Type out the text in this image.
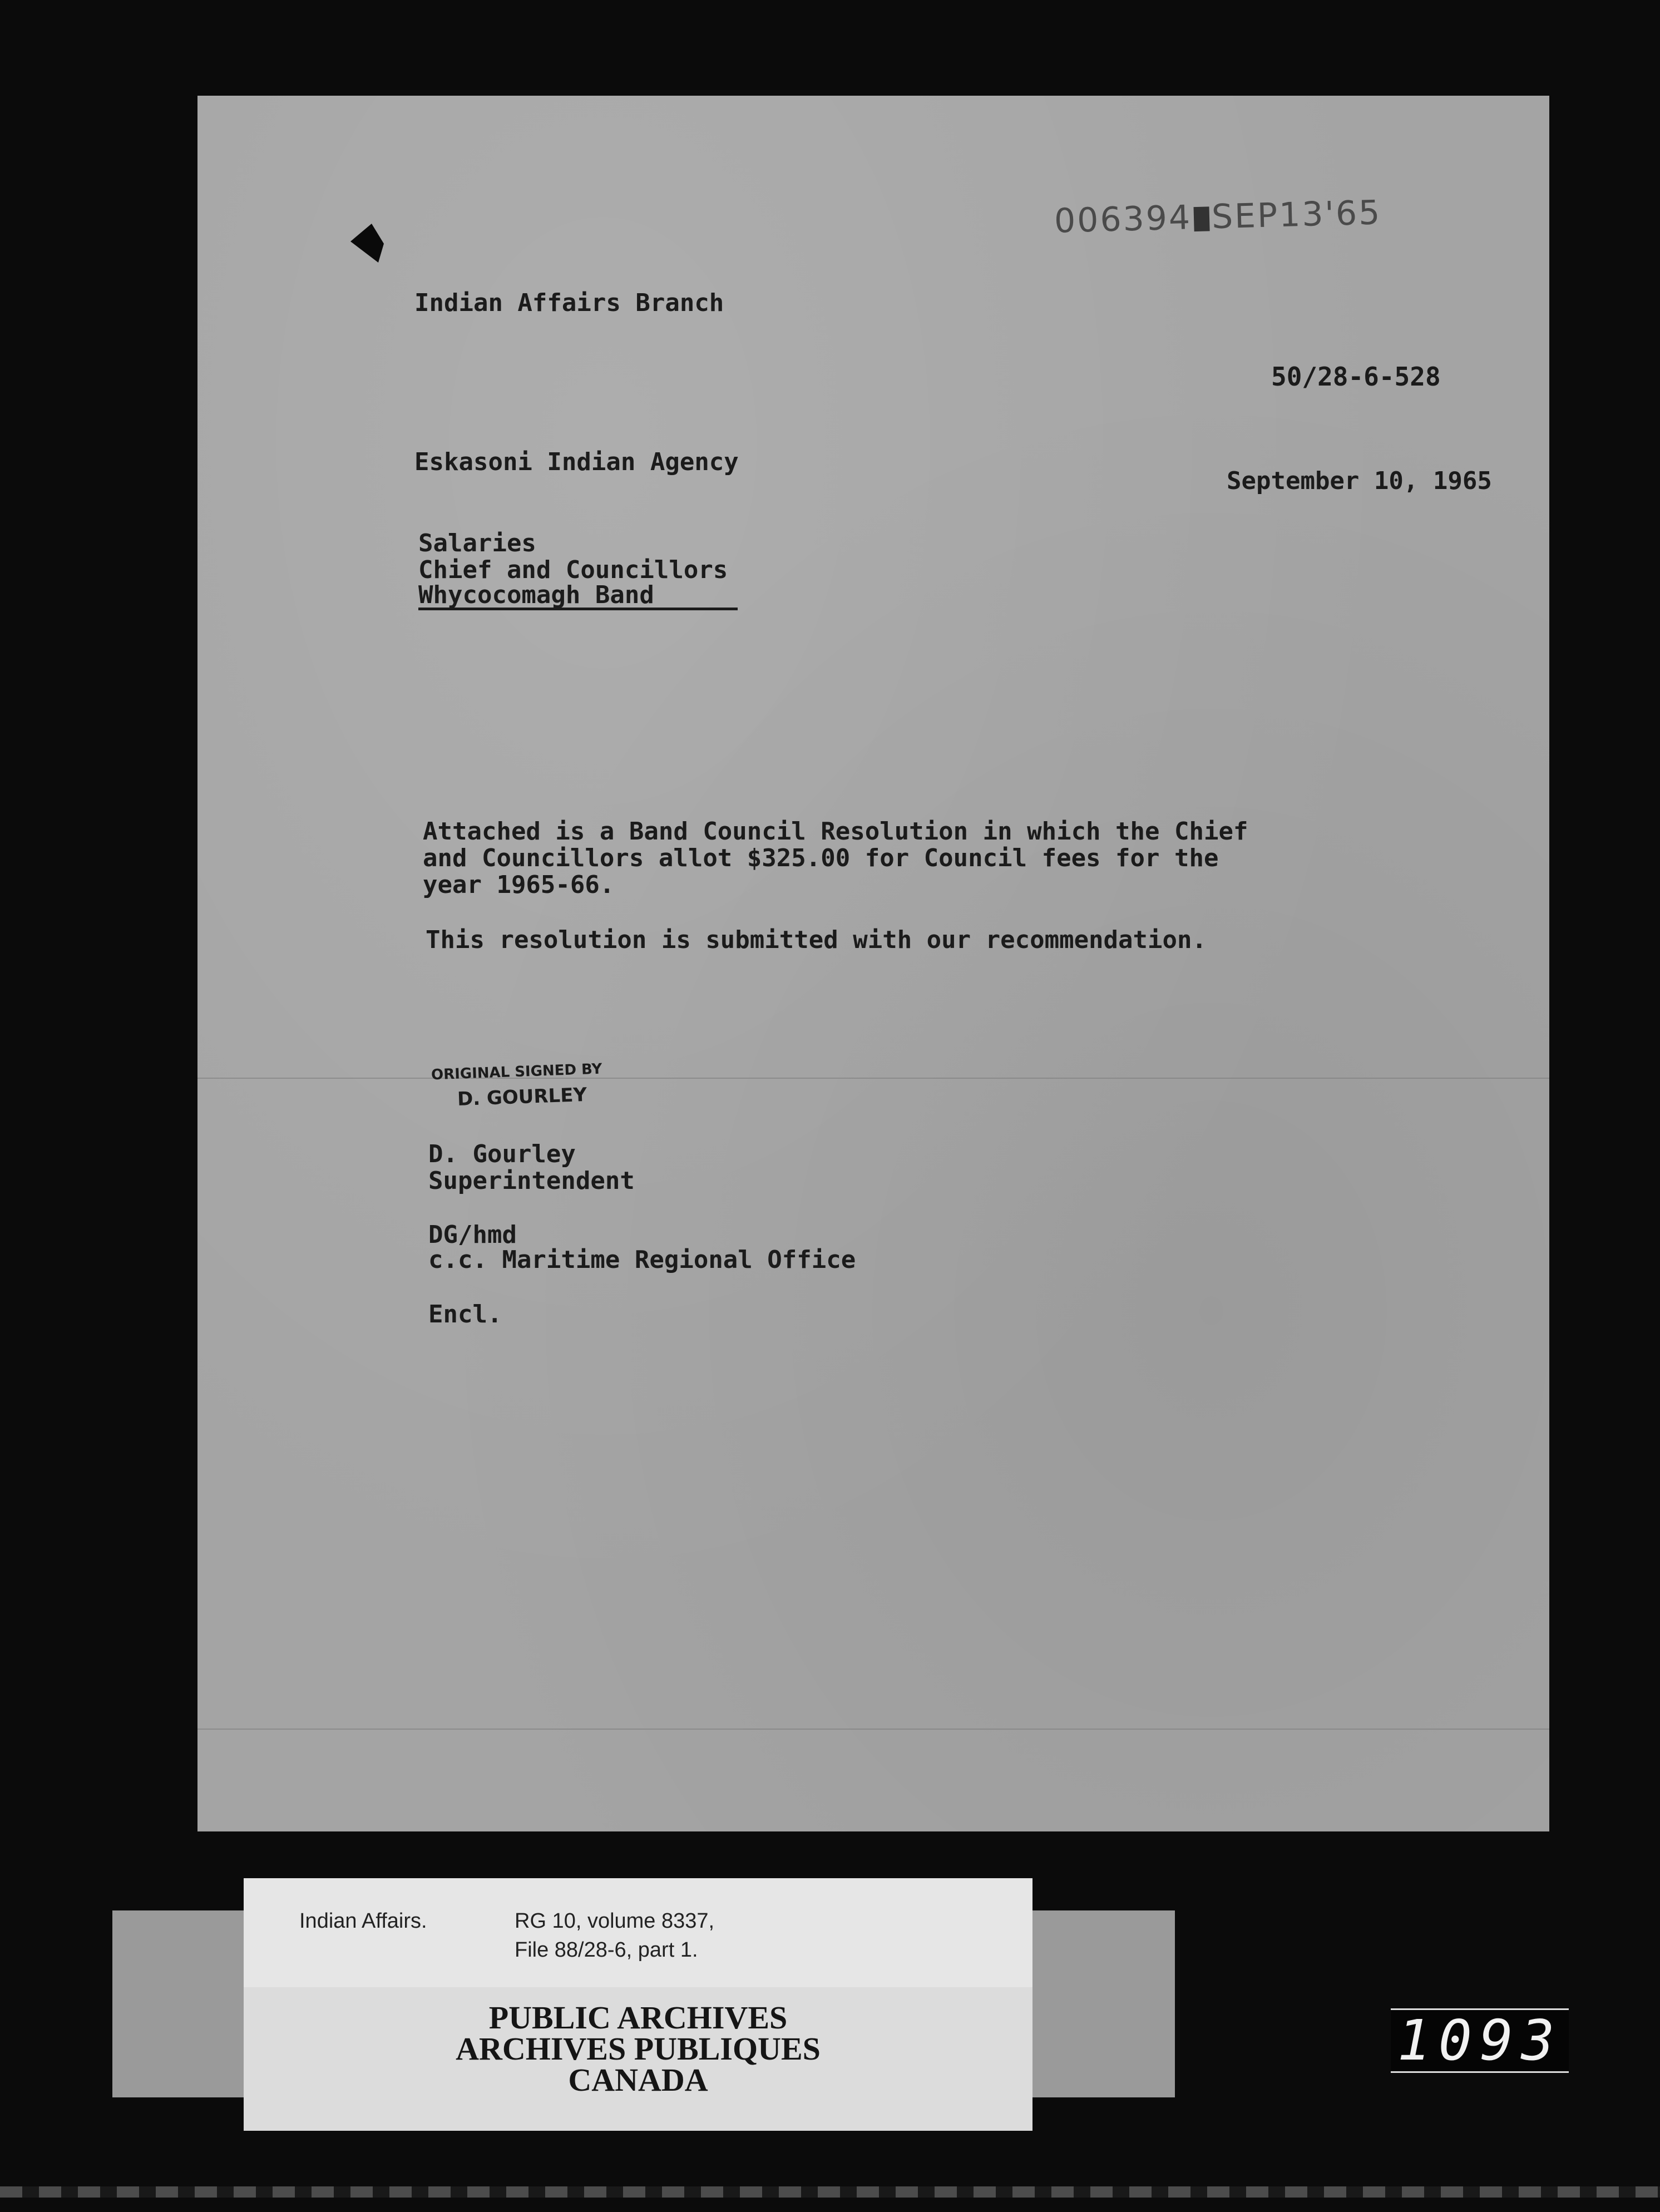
006394 SEP13'65
Indian Affairs Branch
50/28-6-528
Eskasoni Indian Agency
September 10, 1965
Salaries
Chief and Councillors
Whycocomagh Band
Attached is a Band Council Resolution in which the Chief
and Councillors allot $325.00 for Council fees for the
year 1965-66.
This resolution is submitted with our recommendation.
ORIGINAL SIGNED BY
D. GOURLEY
D. Gourley
Superintendent
DG/hmd
c.c. Maritime Regional Office
Encl.
Indian Affairs.	RG 10, volume 8337,
File 88/28-6, part 1.
PUBLIC ARCHIVES
ARCHIVES PUBLIQUES
CANADA
1093
